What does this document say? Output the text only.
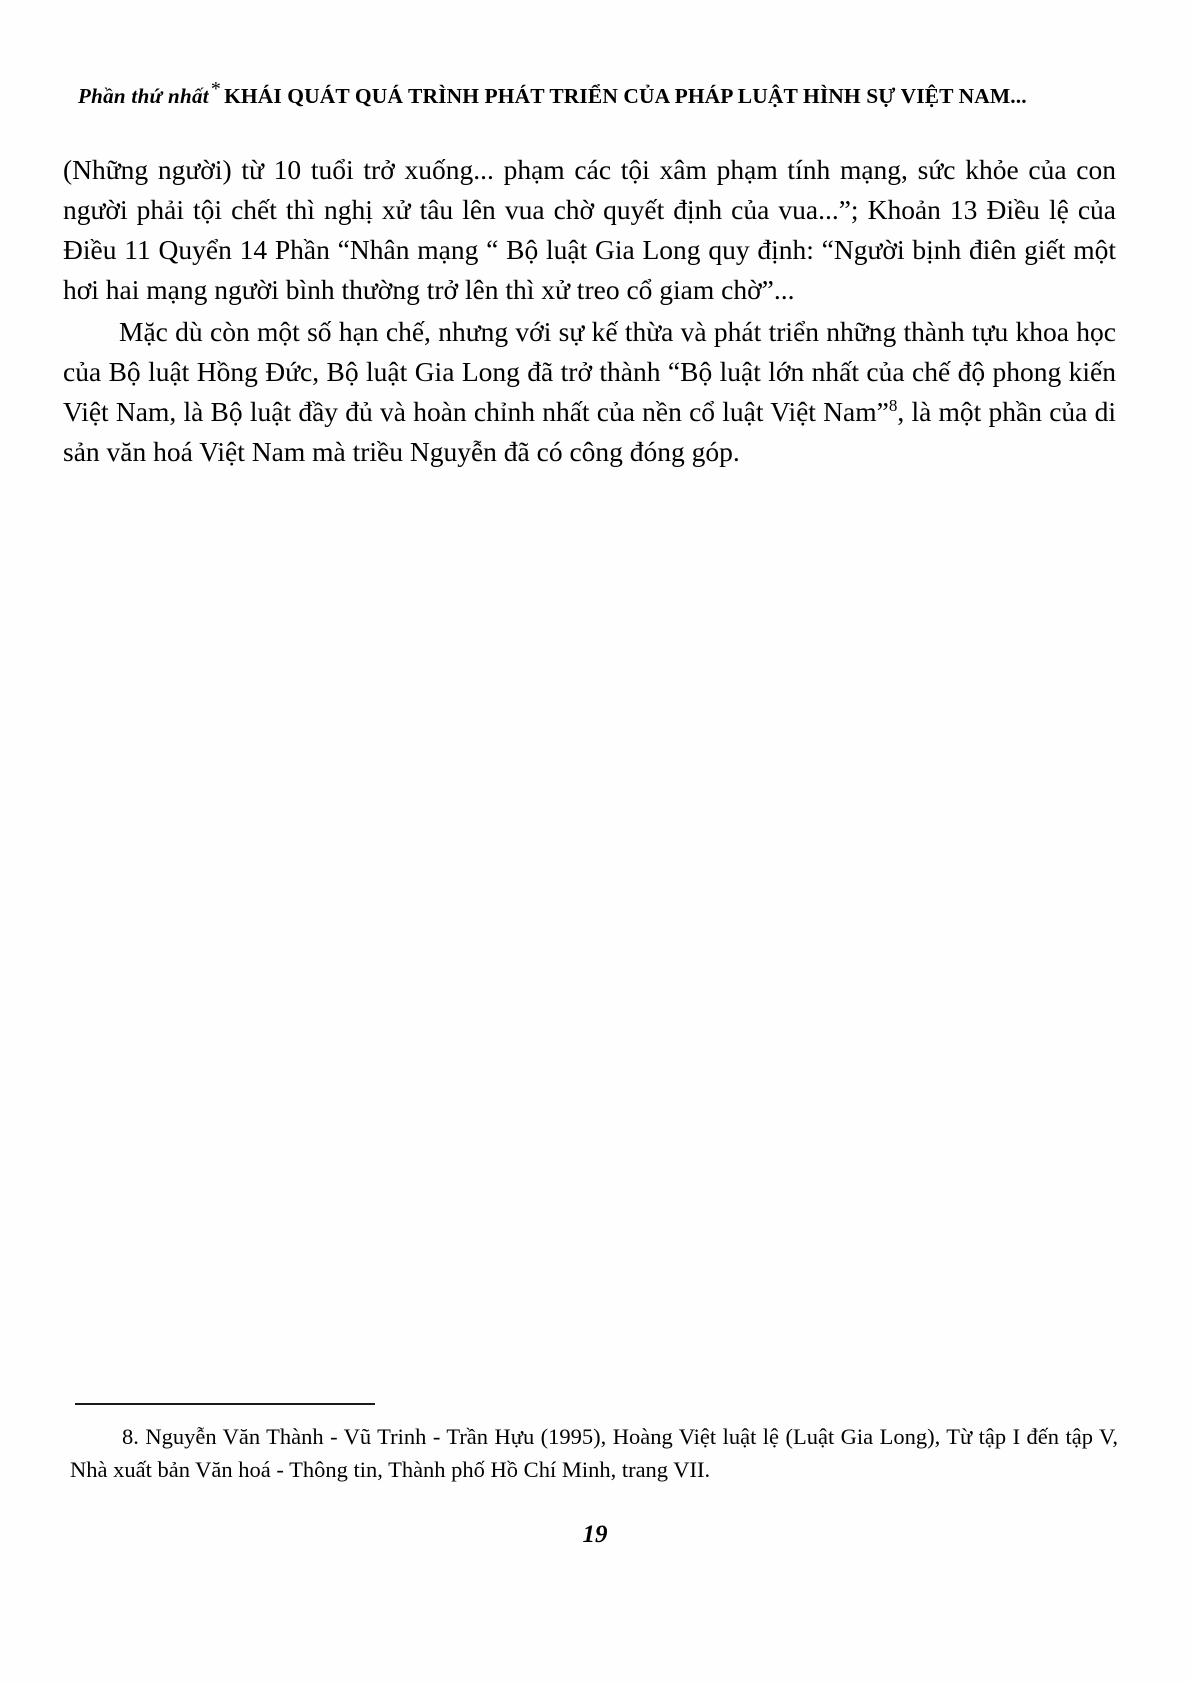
Phần thứ nhất * KHÁI QUÁT QUÁ TRÌNH PHÁT TRIỂN CỦA PHÁP LUẬT HÌNH SỰ VIỆT NAM...

(Những người) từ 10 tuổi trở xuống... phạm các tội xâm phạm tính mạng, sức khỏe của con người phải tội chết thì nghị xử tâu lên vua chờ quyết định của vua...”; Khoản 13 Điều lệ của Điều 11 Quyển 14 Phần “Nhân mạng “ Bộ luật Gia Long quy định: “Người bịnh điên giết một hơi hai mạng người bình thường trở lên thì xử treo cổ giam chờ”...

Mặc dù còn một số hạn chế, nhưng với sự kế thừa và phát triển những thành tựu khoa học của Bộ luật Hồng Đức, Bộ luật Gia Long đã trở thành “Bộ luật lớn nhất của chế độ phong kiến Việt Nam, là Bộ luật đầy đủ và hoàn chỉnh nhất của nền cổ luật Việt Nam”$^8$, là một phần của di sản văn hoá Việt Nam mà triều Nguyễn đã có công đóng góp.

8. Nguyễn Văn Thành - Vũ Trinh - Trần Hựu (1995), Hoàng Việt luật lệ (Luật Gia Long), Từ tập I đến tập V, Nhà xuất bản Văn hoá - Thông tin, Thành phố Hồ Chí Minh, trang VII.
19
